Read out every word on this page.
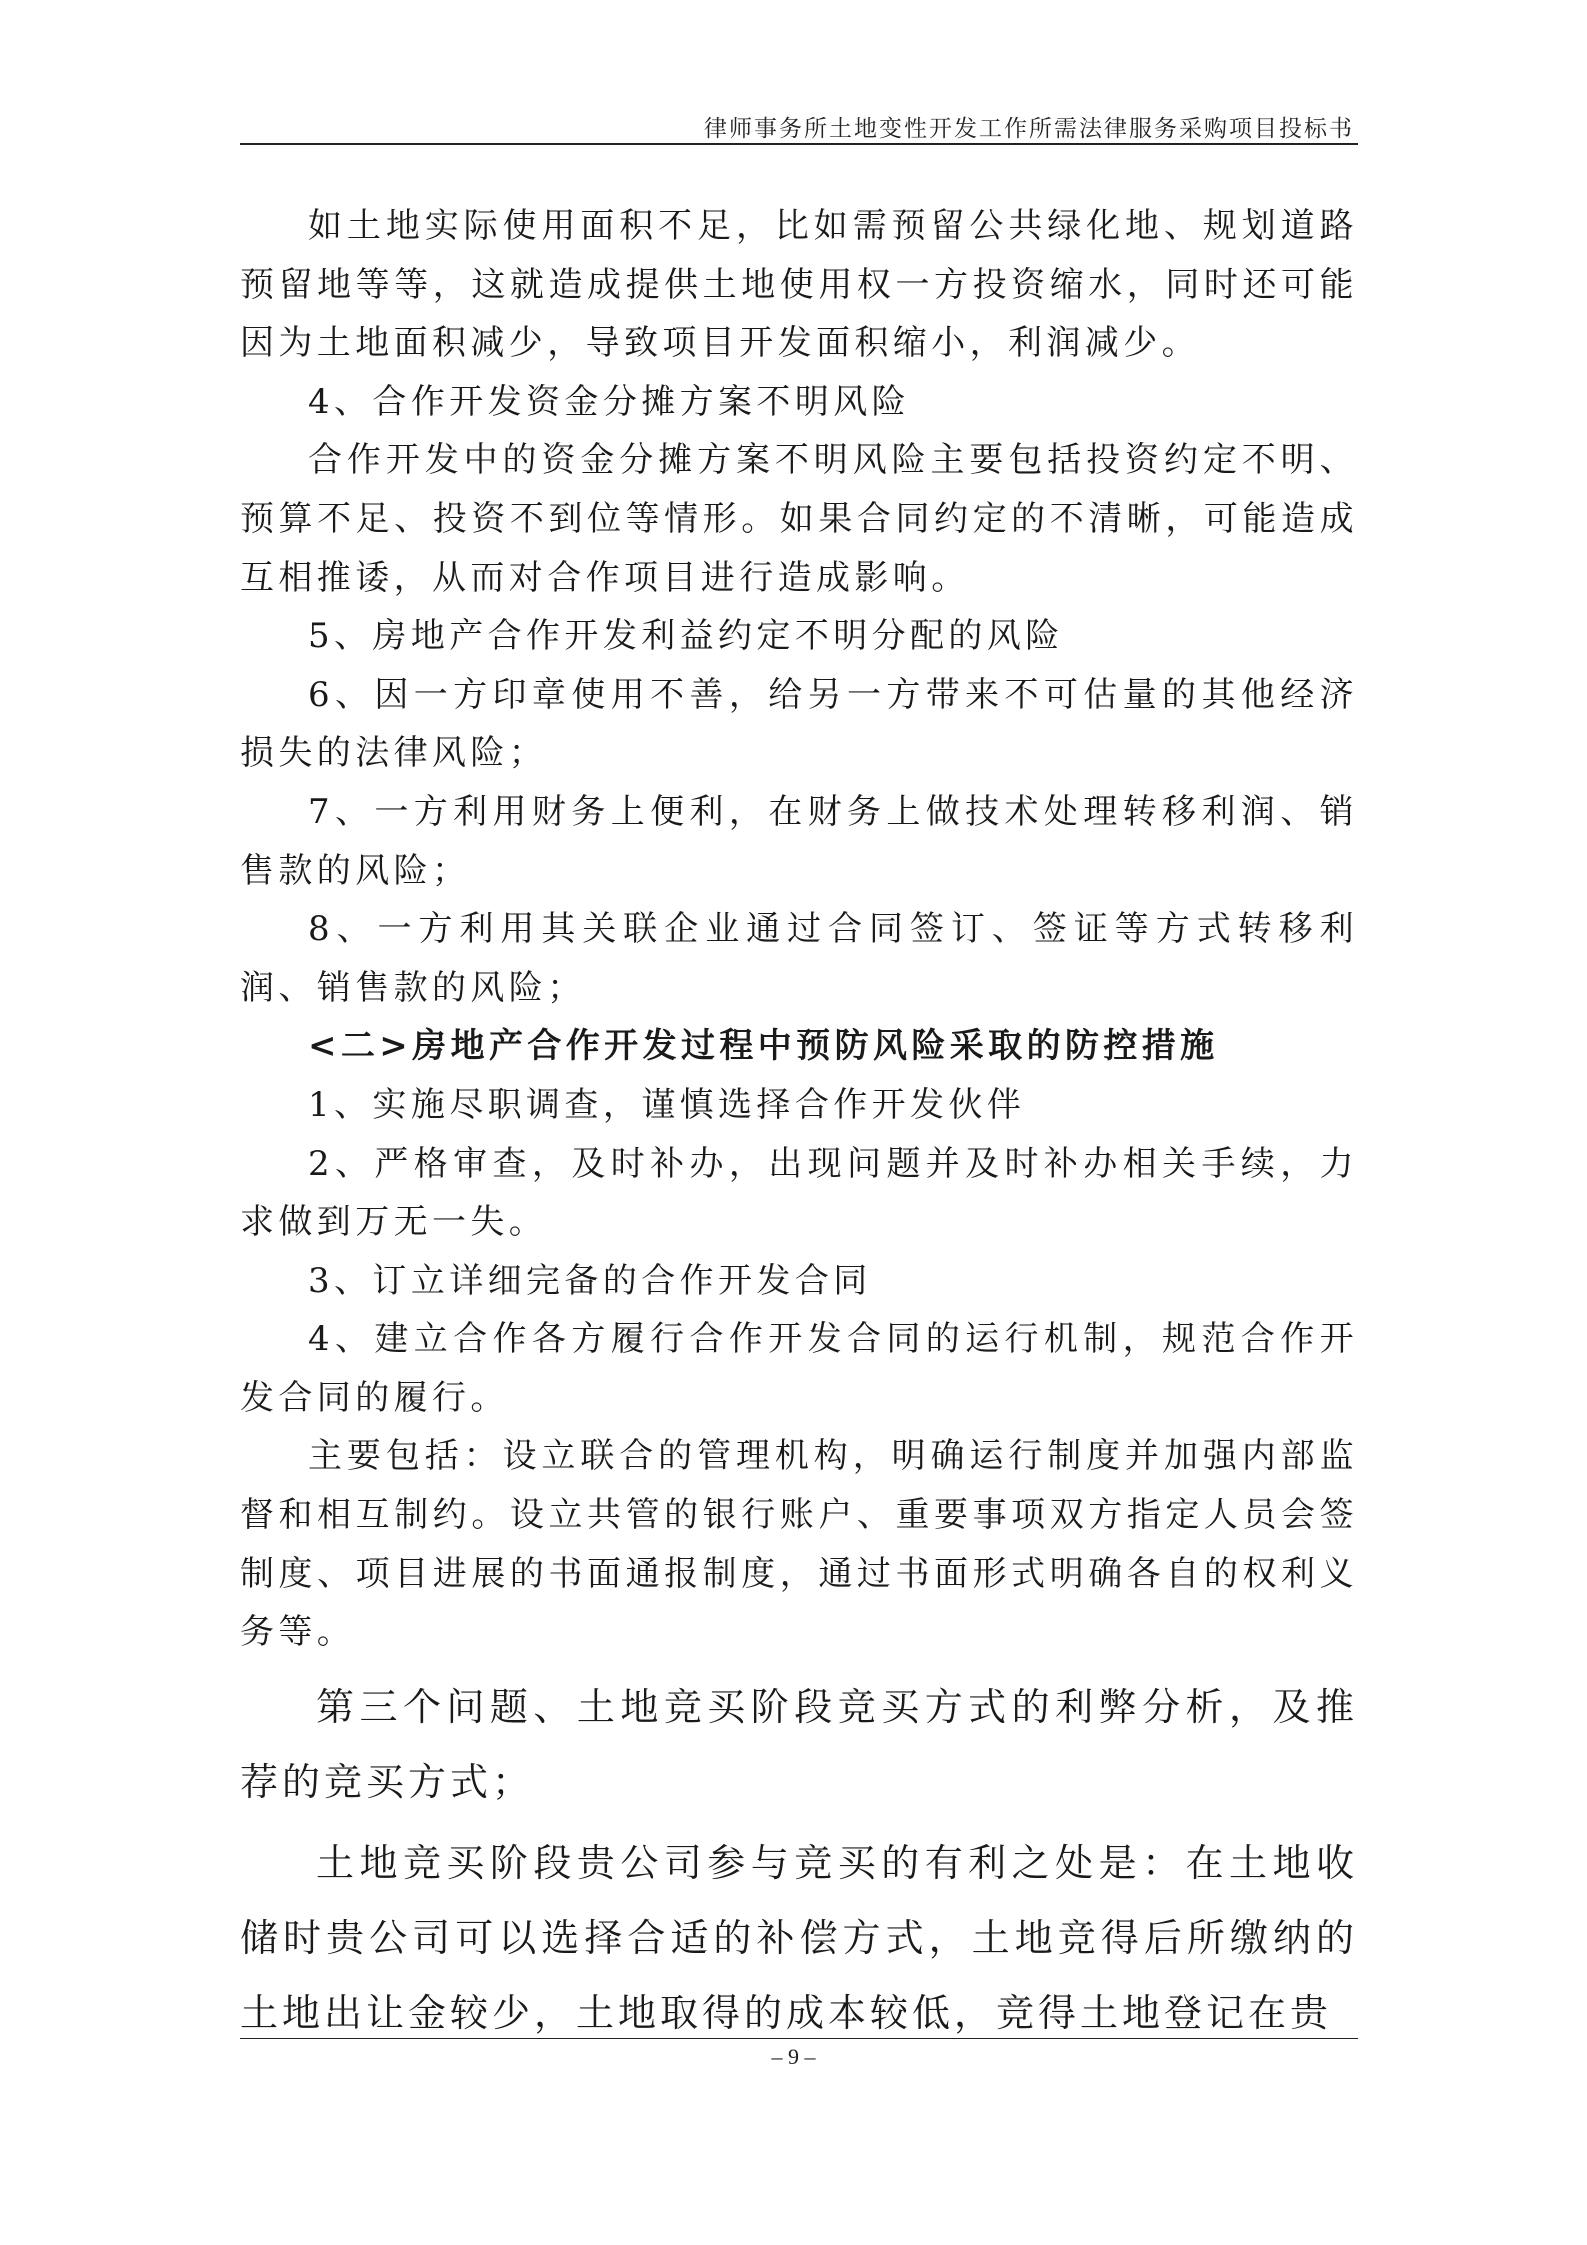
律师事务所土地变性开发工作所需法律服务采购项目投标书

如土地实际使用面积不足，比如需预留公共绿化地、规划道路预留地等等，这就造成提供土地使用权一方投资缩水，同时还可能因为土地面积减少，导致项目开发面积缩小，利润减少。

4、合作开发资金分摊方案不明风险

合作开发中的资金分摊方案不明风险主要包括投资约定不明、预算不足、投资不到位等情形。如果合同约定的不清晰，可能造成互相推诿，从而对合作项目进行造成影响。

5、房地产合作开发利益约定不明分配的风险

6、因一方印章使用不善，给另一方带来不可估量的其他经济损失的法律风险；

7、一方利用财务上便利，在财务上做技术处理转移利润、销售款的风险；

8、一方利用其关联企业通过合同签订、签证等方式转移利润、销售款的风险；

<二>房地产合作开发过程中预防风险采取的防控措施

1、实施尽职调查，谨慎选择合作开发伙伴

2、严格审查，及时补办，出现问题并及时补办相关手续，力求做到万无一失。

3、订立详细完备的合作开发合同

4、建立合作各方履行合作开发合同的运行机制，规范合作开发合同的履行。

主要包括：设立联合的管理机构，明确运行制度并加强内部监督和相互制约。设立共管的银行账户、重要事项双方指定人员会签制度、项目进展的书面通报制度，通过书面形式明确各自的权利义务等。

第三个问题、土地竞买阶段竞买方式的利弊分析，及推荐的竞买方式；

土地竞买阶段贵公司参与竞买的有利之处是：在土地收储时贵公司可以选择合适的补偿方式，土地竞得后所缴纳的土地出让金较少，土地取得的成本较低，竞得土地登记在贵

– 9 –
